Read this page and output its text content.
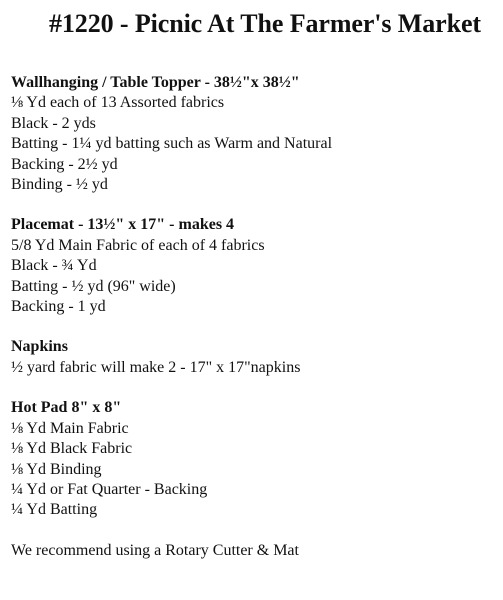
#1220 - Picnic At The Farmer's Market
Wallhanging / Table Topper - 38½"x 38½"
⅛ Yd each of 13 Assorted fabrics
Black - 2 yds
Batting - 1¼ yd batting such as Warm and Natural
Backing - 2½ yd
Binding - ½ yd
Placemat - 13½" x 17" - makes 4
5/8 Yd Main Fabric of each of 4 fabrics
Black - ¾ Yd
Batting - ½ yd (96" wide)
Backing - 1 yd
Napkins
½ yard fabric will make 2 - 17" x 17"napkins
Hot Pad 8" x 8"
⅛ Yd Main Fabric
⅛ Yd Black Fabric
⅛ Yd Binding
¼ Yd or Fat Quarter - Backing
¼ Yd Batting
We recommend using a Rotary Cutter & Mat
